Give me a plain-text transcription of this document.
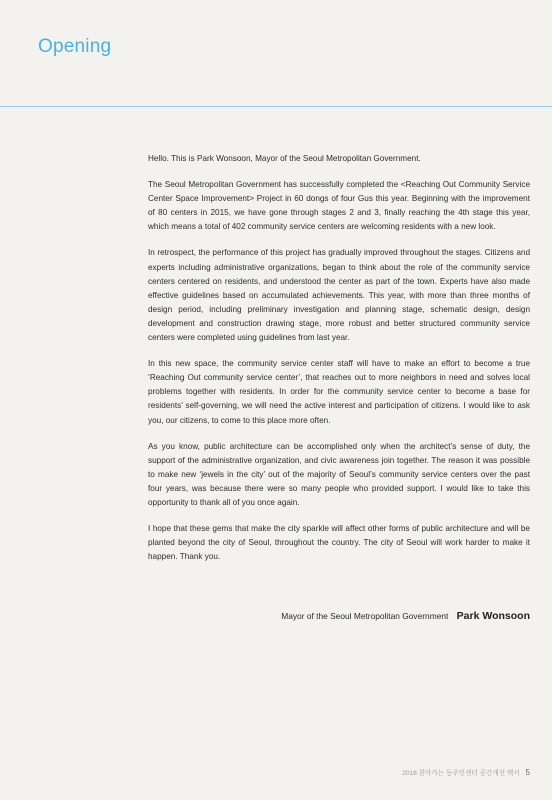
Opening

Hello. This is Park Wonsoon, Mayor of the Seoul Metropolitan Government.

The Seoul Metropolitan Government has successfully completed the <Reaching Out Community Service Center Space Improvement> Project in 60 dongs of four Gus this year. Beginning with the improvement of 80 centers in 2015, we have gone through stages 2 and 3, finally reaching the 4th stage this year, which means a total of 402 community service centers are welcoming residents with a new look.

In retrospect, the performance of this project has gradually improved throughout the stages. Citizens and experts including administrative organizations, began to think about the role of the community service centers centered on residents, and understood the center as part of the town. Experts have also made effective guidelines based on accumulated achievements. This year, with more than three months of design period, including preliminary investigation and planning stage, schematic design, design development and construction drawing stage, more robust and better structured community service centers were completed using guidelines from last year.

In this new space, the community service center staff will have to make an effort to become a true ‘Reaching Out community service center’, that reaches out to more neighbors in need and solves local problems together with residents. In order for the community service center to become a base for residents’ self-governing, we will need the active interest and participation of citizens. I would like to ask you, our citizens, to come to this place more often.

As you know, public architecture can be accomplished only when the architect’s sense of duty, the support of the administrative organization, and civic awareness join together. The reason it was possible to make new ‘jewels in the city’ out of the majority of Seoul’s community service centers over the past four years, was because there were so many people who provided support. I would like to take this opportunity to thank all of you once again.

I hope that these gems that make the city sparkle will affect other forms of public architecture and will be planted beyond the city of Seoul, throughout the country. The city of Seoul will work harder to make it happen. Thank you.

Mayor of the Seoul Metropolitan Government Park Wonsoon
2018 찾아가는 동주민센터 공간개선 백서 5
